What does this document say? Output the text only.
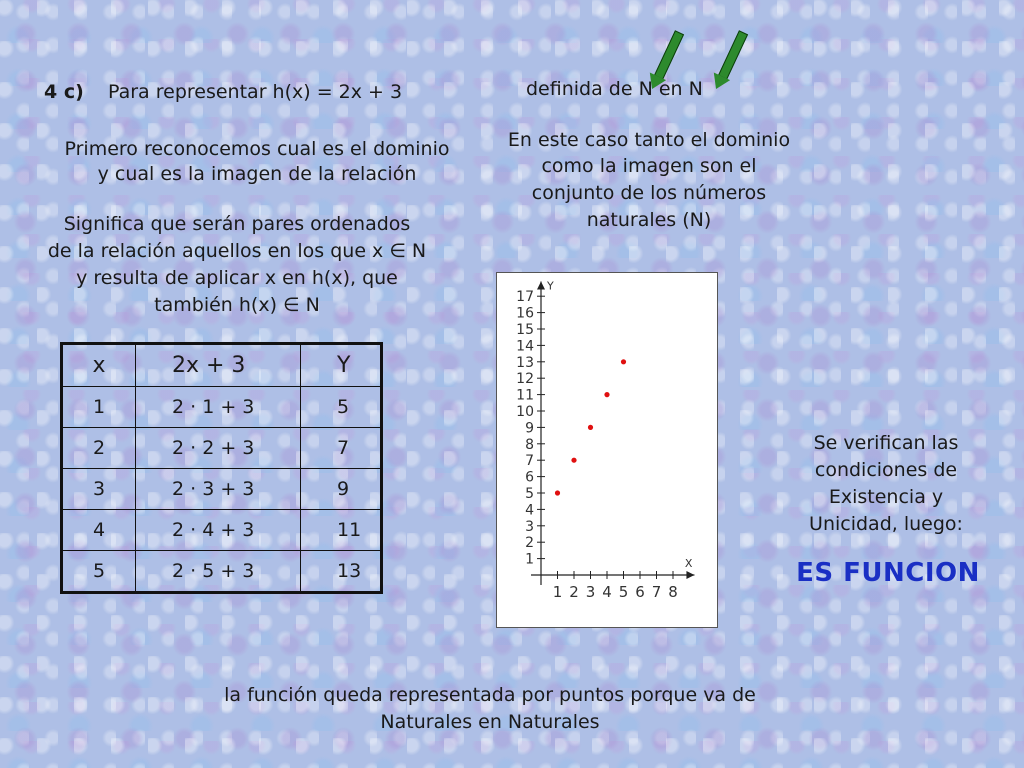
4 c) Para representar h(x) = 2x + 3	definida de N en N
Primero reconocemos cual es el dominio
y cual es la imagen de la relación
Significa que serán pares ordenados
de la relación aquellos en los que x ∈ N
y resulta de aplicar x en h(x), que
también h(x) ∈ N
En este caso tanto el dominio
como la imagen son el
conjunto de los números
naturales (N)
x	2x + 3	Y
1	2 · 1 + 3	5
2	2 · 2 + 3	7
3	2 · 3 + 3	9
4	2 · 4 + 3	11
5	2 · 5 + 3	13	X
Y
1 2 3 4 5 6 7 8
1
2
3
4
5
6
7
8
9
10
11
12
13
14
15
16
17
Se verifican las
condiciones de
Existencia y
Unicidad, luego:
ES FUNCION
la función queda representada por puntos porque va de
Naturales en Naturales
